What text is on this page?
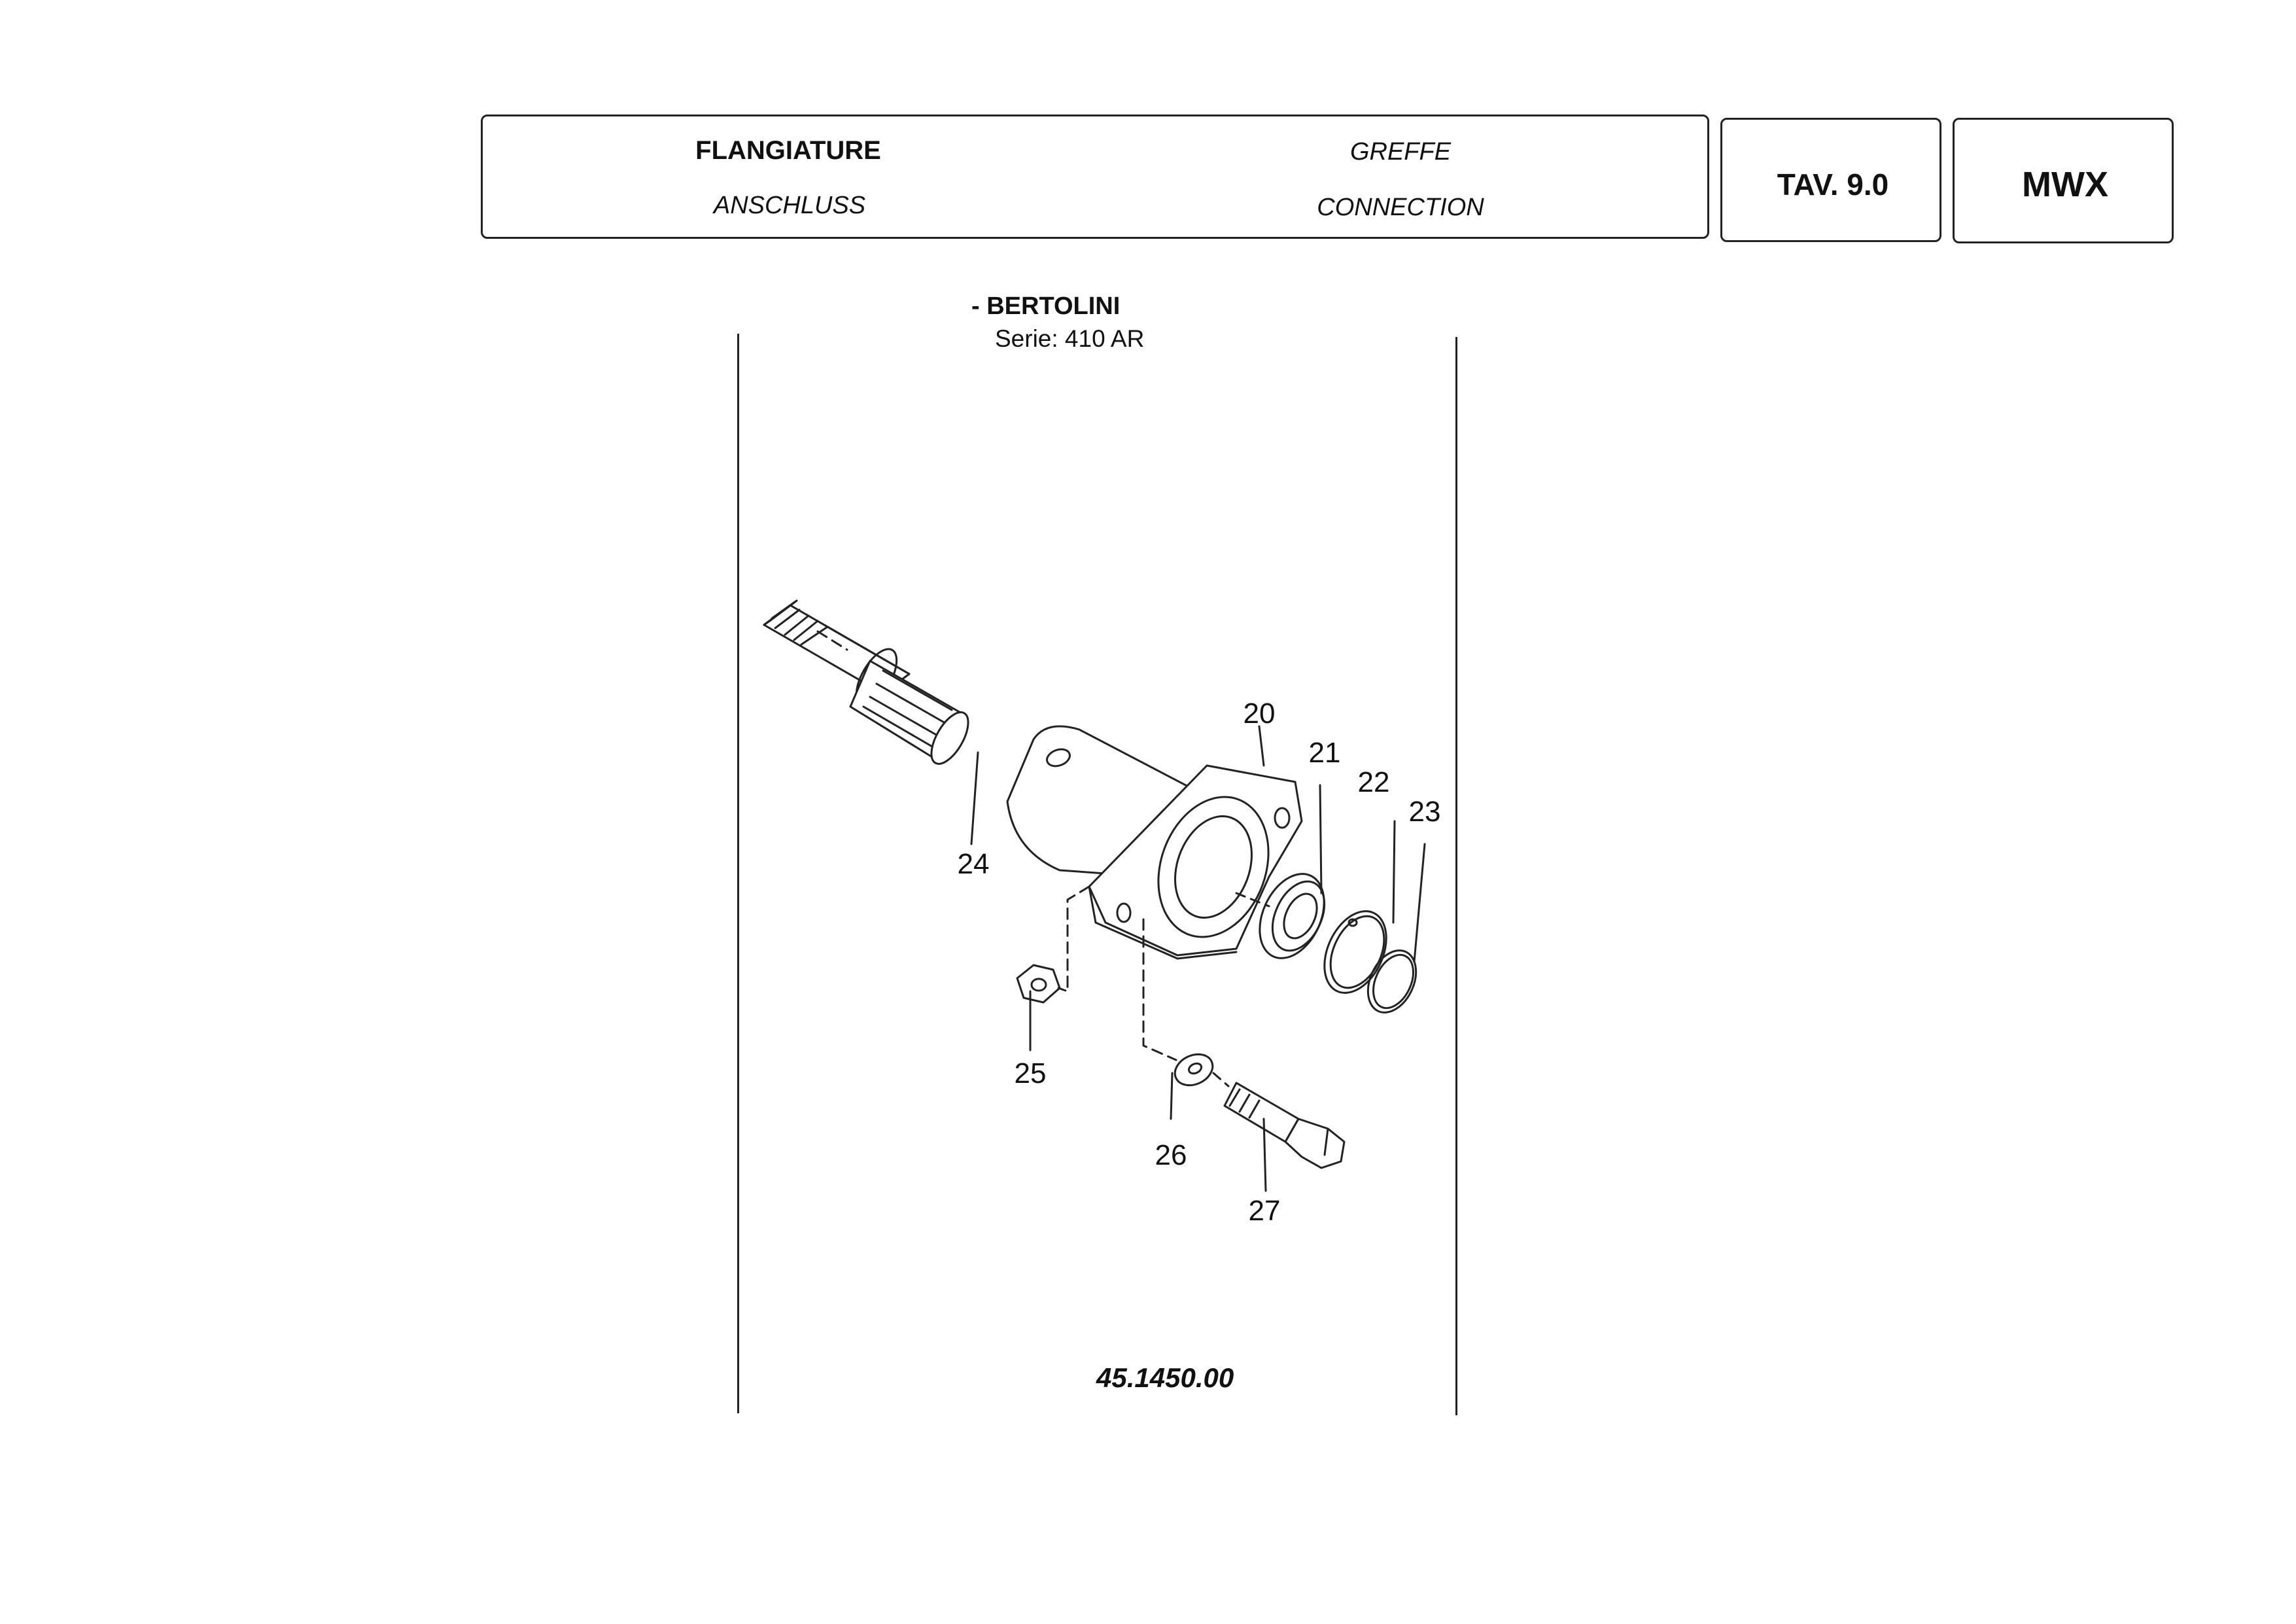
FLANGIATURE	GREFFE
ANSCHLUSS	CONNECTION
TAV. 9.0	MWX
- BERTOLINI
Serie: 410 AR
20
21
22
23
24
25
26
27
45.1450.00
